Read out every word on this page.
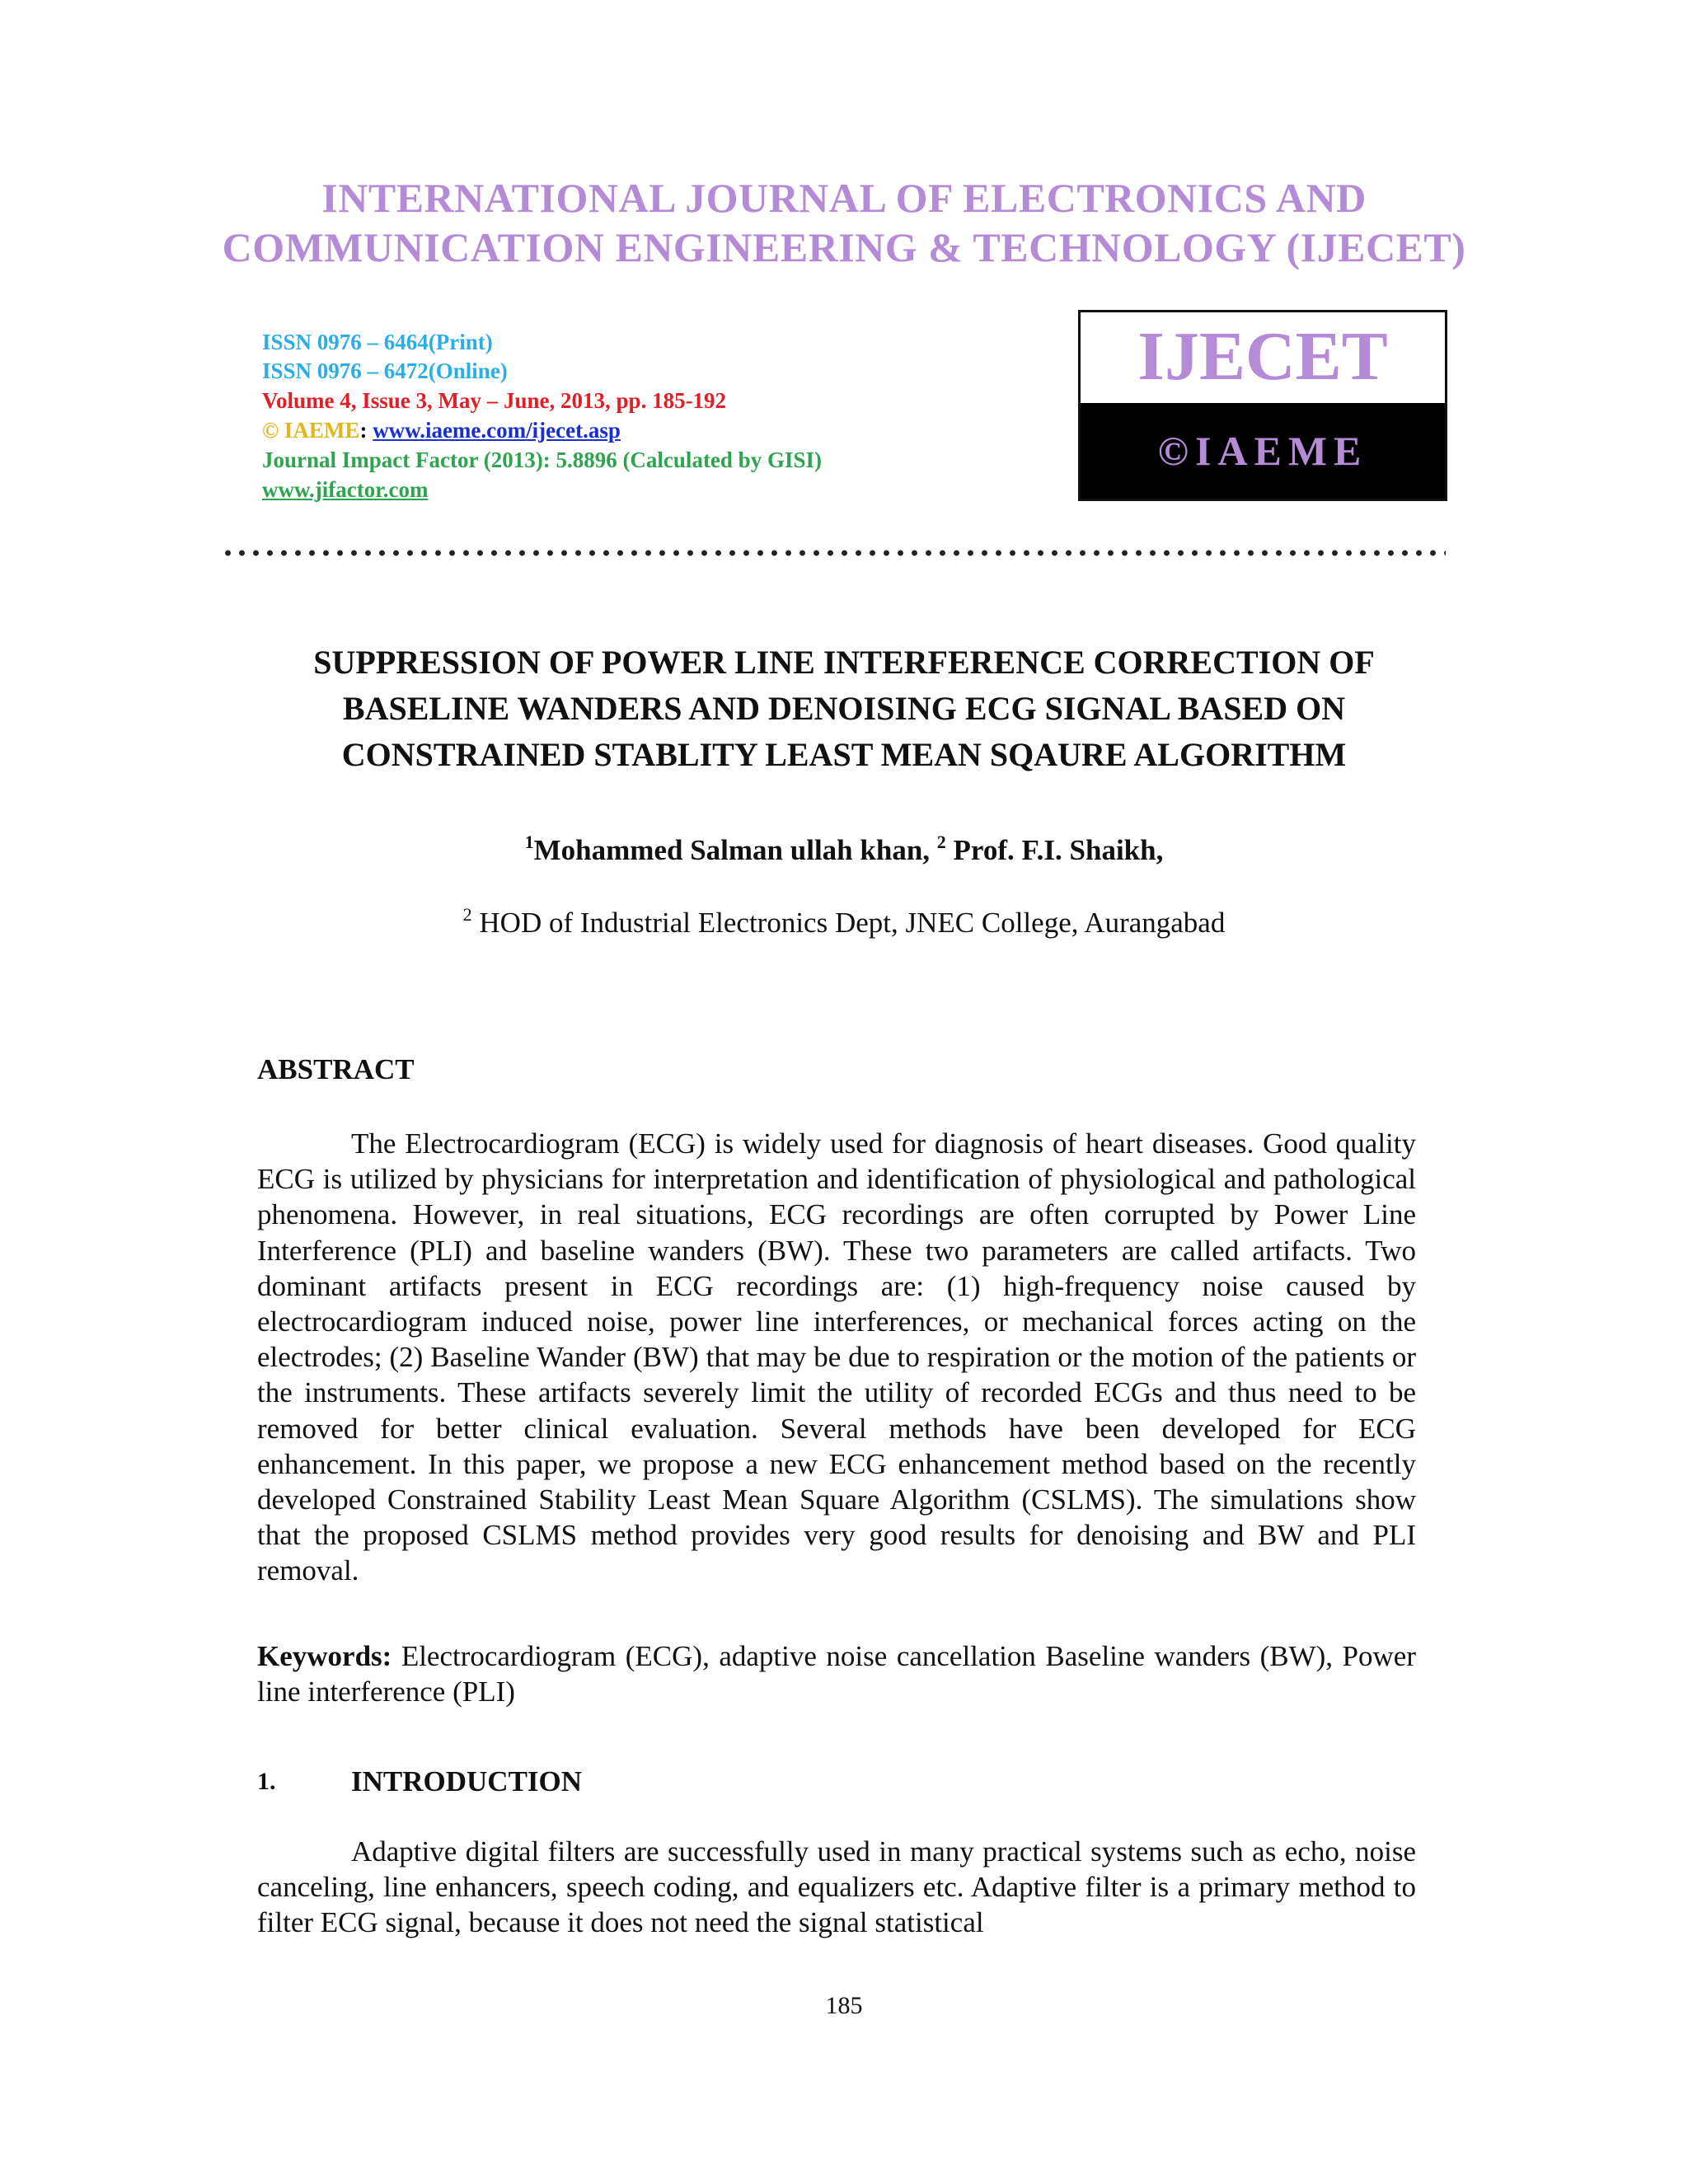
INTERNATIONAL JOURNAL OF ELECTRONICS AND
COMMUNICATION ENGINEERING & TECHNOLOGY (IJECET)
ISSN 0976 – 6464(Print)
ISSN 0976 – 6472(Online)
Volume 4, Issue 3, May – June, 2013, pp. 185-192
© IAEME: www.iaeme.com/ijecet.asp
Journal Impact Factor (2013): 5.8896 (Calculated by GISI)
www.jifactor.com
IJECET
©IAEME
SUPPRESSION OF POWER LINE INTERFERENCE CORRECTION OF
BASELINE WANDERS AND DENOISING ECG SIGNAL BASED ON
CONSTRAINED STABLITY LEAST MEAN SQAURE ALGORITHM
$^1$Mohammed Salman ullah khan, $^2$ Prof. F.I. Shaikh,
$^2$ HOD of Industrial Electronics Dept, JNEC College, Aurangabad
ABSTRACT
The Electrocardiogram (ECG) is widely used for diagnosis of heart diseases. Good quality ECG is utilized by physicians for interpretation and identification of physiological and pathological phenomena. However, in real situations, ECG recordings are often corrupted by Power Line Interference (PLI) and baseline wanders (BW). These two parameters are called artifacts. Two dominant artifacts present in ECG recordings are: (1) high-frequency noise caused by electrocardiogram induced noise, power line interferences, or mechanical forces acting on the electrodes; (2) Baseline Wander (BW) that may be due to respiration or the motion of the patients or the instruments. These artifacts severely limit the utility of recorded ECGs and thus need to be removed for better clinical evaluation. Several methods have been developed for ECG enhancement. In this paper, we propose a new ECG enhancement method based on the recently developed Constrained Stability Least Mean Square Algorithm (CSLMS). The simulations show that the proposed CSLMS method provides very good results for denoising and BW and PLI removal.
Keywords: Electrocardiogram (ECG), adaptive noise cancellation Baseline wanders (BW), Power line interference (PLI)
1.	INTRODUCTION
Adaptive digital filters are successfully used in many practical systems such as echo, noise canceling, line enhancers, speech coding, and equalizers etc. Adaptive filter is a primary method to filter ECG signal, because it does not need the signal statistical
185
